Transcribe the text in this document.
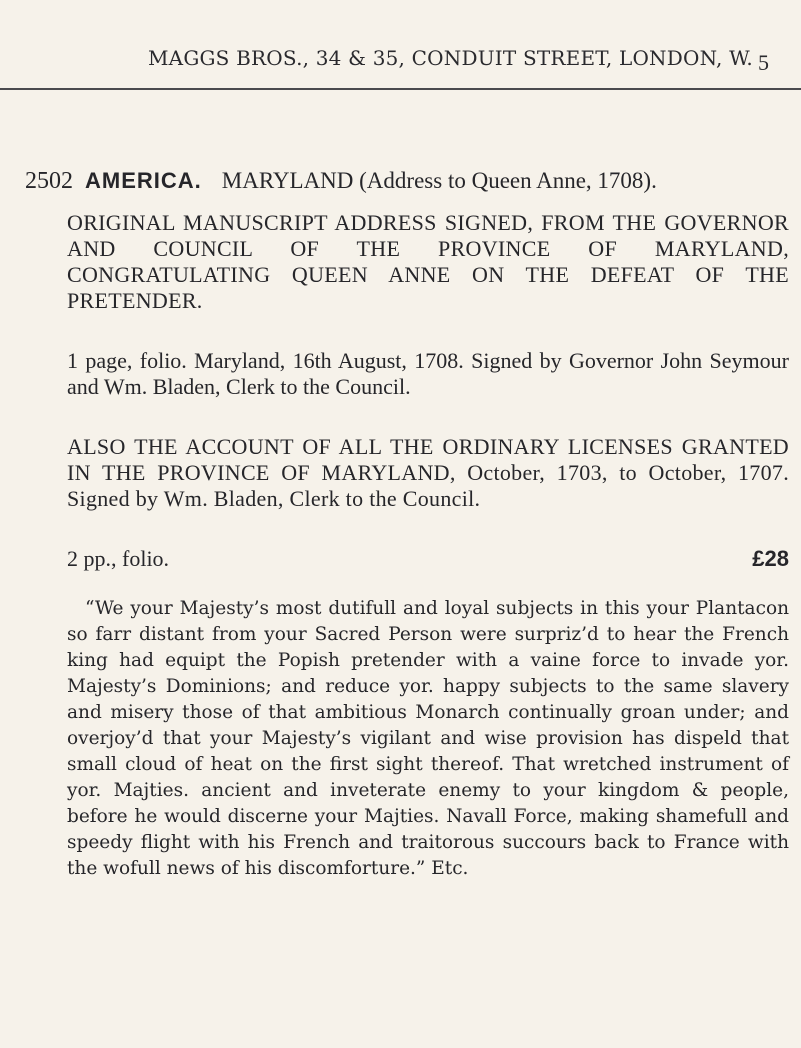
MAGGS BROS., 34 & 35, CONDUIT STREET, LONDON, W. 5
2502 AMERICA. MARYLAND (Address to Queen Anne, 1708).
ORIGINAL MANUSCRIPT ADDRESS SIGNED, FROM THE GOVERNOR AND COUNCIL OF THE PROVINCE OF MARYLAND, CONGRATULATING QUEEN ANNE ON THE DEFEAT OF THE PRETENDER.
1 page, folio. Maryland, 16th August, 1708. Signed by Governor John Seymour and Wm. Bladen, Clerk to the Council.
ALSO THE ACCOUNT OF ALL THE ORDINARY LICENSES GRANTED IN THE PROVINCE OF MARYLAND, October, 1703, to October, 1707. Signed by Wm. Bladen, Clerk to the Council.
2 pp., folio.	£28
“We your Majesty’s most dutifull and loyal subjects in this your Plantacon so farr distant from your Sacred Person were surpriz’d to hear the French king had equipt the Popish pretender with a vaine force to invade yor. Majesty’s Dominions; and reduce yor. happy subjects to the same slavery and misery those of that ambitious Monarch continually groan under; and overjoy’d that your Majesty’s vigilant and wise provision has dispeld that small cloud of heat on the first sight thereof. That wretched instrument of yor. Majties. ancient and inveterate enemy to your kingdom & people, before he would discerne your Majties. Navall Force, making shamefull and speedy flight with his French and traitorous succours back to France with the wofull news of his discomforture.” Etc.
